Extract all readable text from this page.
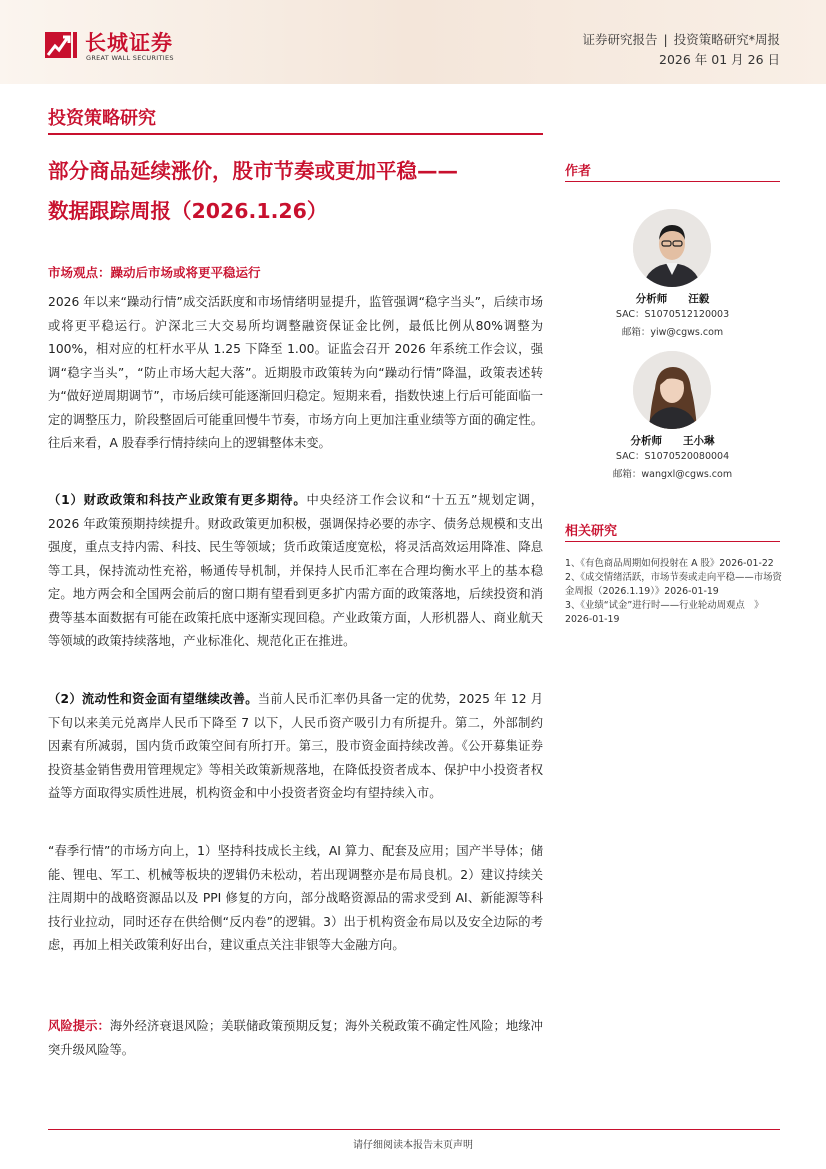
长城证券
GREAT WALL SECURITIES
证券研究报告 | 投资策略研究*周报
2026 年 01 月 26 日
投资策略研究
部分商品延续涨价，股市节奏或更加平稳——
数据跟踪周报（2026.1.26）
市场观点：躁动后市场或将更平稳运行
2026 年以来“躁动行情”成交活跃度和市场情绪明显提升，监管强调“稳字当头”，后续市场或将更平稳运行。沪深北三大交易所均调整融资保证金比例，最低比例从80%调整为 100%，相对应的杠杆水平从 1.25 下降至 1.00。证监会召开 2026 年系统工作会议，强调“稳字当头”，“防止市场大起大落”。近期股市政策转为向“躁动行情”降温，政策表述转为“做好逆周期调节”，市场后续可能逐渐回归稳定。短期来看，指数快速上行后可能面临一定的调整压力，阶段整固后可能重回慢牛节奏，市场方向上更加注重业绩等方面的确定性。往后来看，A 股春季行情持续向上的逻辑整体未变。
（1）财政政策和科技产业政策有更多期待。中央经济工作会议和“十五五”规划定调，2026 年政策预期持续提升。财政政策更加积极，强调保持必要的赤字、债务总规模和支出强度，重点支持内需、科技、民生等领域；货币政策适度宽松，将灵活高效运用降准、降息等工具，保持流动性充裕，畅通传导机制，并保持人民币汇率在合理均衡水平上的基本稳定。地方两会和全国两会前后的窗口期有望看到更多扩内需方面的政策落地，后续投资和消费等基本面数据有可能在政策托底中逐渐实现回稳。产业政策方面，人形机器人、商业航天等领域的政策持续落地，产业标准化、规范化正在推进。
（2）流动性和资金面有望继续改善。当前人民币汇率仍具备一定的优势，2025 年 12 月下旬以来美元兑离岸人民币下降至 7 以下，人民币资产吸引力有所提升。第二，外部制约因素有所减弱，国内货币政策空间有所打开。第三，股市资金面持续改善。《公开募集证券投资基金销售费用管理规定》等相关政策新规落地，在降低投资者成本、保护中小投资者权益等方面取得实质性进展，机构资金和中小投资者资金均有望持续入市。
“春季行情”的市场方向上，1）坚持科技成长主线，AI 算力、配套及应用；国产半导体；储能、锂电、军工、机械等板块的逻辑仍未松动，若出现调整亦是布局良机。2）建议持续关注周期中的战略资源品以及 PPI 修复的方向，部分战略资源品的需求受到 AI、新能源等科技行业拉动，同时还存在供给侧“反内卷”的逻辑。3）出于机构资金布局以及安全边际的考虑，再加上相关政策利好出台，建议重点关注非银等大金融方向。
风险提示：海外经济衰退风险；美联储政策预期反复；海外关税政策不确定性风险；地缘冲突升级风险等。
作者
分析师　　汪毅
SAC：S1070512120003
邮箱：yiw@cgws.com
分析师　　王小琳
SAC：S1070520080004
邮箱：wangxl@cgws.com
相关研究
1、《有色商品周期如何投射在 A 股》2026-01-22
2、《成交情绪活跃，市场节奏或走向平稳——市场资金周报（2026.1.19）》2026-01-19
3、《业绩“试金”进行时——行业轮动周观点　》2026-01-19
请仔细阅读本报告末页声明
